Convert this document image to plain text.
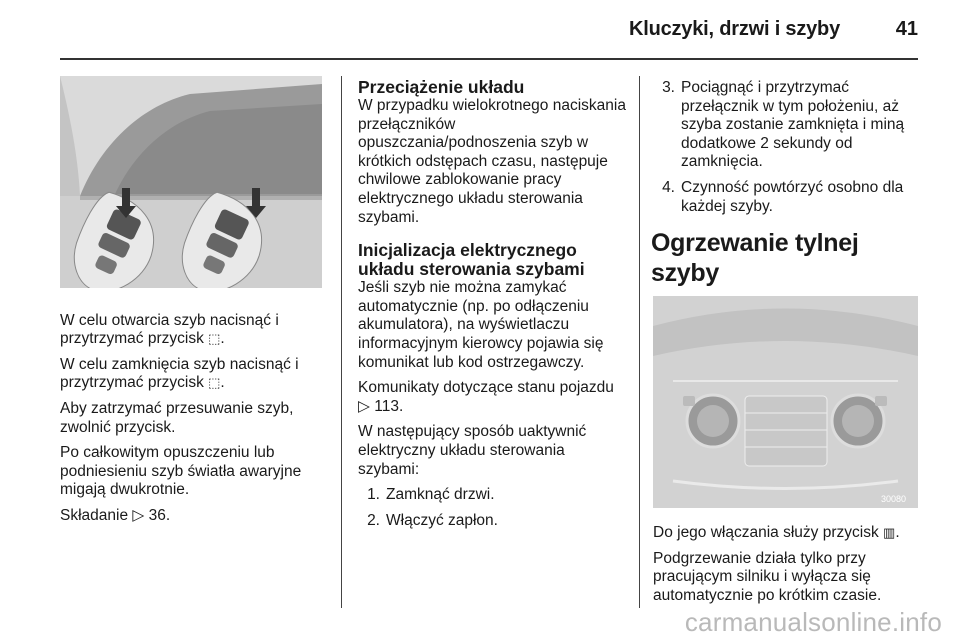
Kluczyki, drzwi i szyby	41

W celu otwarcia szyb nacisnąć i przytrzymać przycisk ⬚.

W celu zamknięcia szyb nacisnąć i przytrzymać przycisk ⬚.

Aby zatrzymać przesuwanie szyb, zwolnić przycisk.

Po całkowitym opuszczeniu lub podniesieniu szyb światła awaryjne migają dwukrotnie.

Składanie ▷ 36.

Przeciążenie układu

W przypadku wielokrotnego naciskania przełączników opuszczania/podnoszenia szyb w krótkich odstępach czasu, następuje chwilowe zablokowanie pracy elektrycznego układu sterowania szybami.

Inicjalizacja elektrycznego układu sterowania szybami

Jeśli szyb nie można zamykać automatycznie (np. po odłączeniu akumulatora), na wyświetlaczu informacyjnym kierowcy pojawia się komunikat lub kod ostrzegawczy.

Komunikaty dotyczące stanu pojazdu ▷ 113.

W następujący sposób uaktywnić elektryczny układu sterowania szybami:

1. Zamknąć drzwi.
2. Włączyć zapłon.
3. Pociągnąć i przytrzymać przełącznik w tym położeniu, aż szyba zostanie zamknięta i miną dodatkowe 2 sekundy od zamknięcia.
4. Czynność powtórzyć osobno dla każdej szyby.
Ogrzewanie tylnej szyby
30080

Do jego włączania służy przycisk ▥.

Podgrzewanie działa tylko przy pracującym silniku i wyłącza się automatycznie po krótkim czasie.

carmanualsonline.info
